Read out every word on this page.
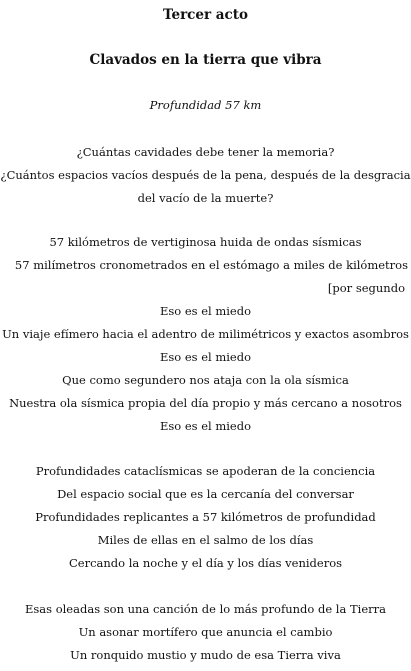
Tercer acto
Clavados en la tierra que vibra
Profundidad 57 km
¿Cuántas cavidades debe tener la memoria?
¿Cuántos espacios vacíos después de la pena, después de la desgracia
del vacío de la muerte?
57 kilómetros de vertiginosa huida de ondas sísmicas
57 milímetros cronometrados en el estómago a miles de kilómetros
[por segundo
Eso es el miedo
Un viaje efímero hacia el adentro de milimétricos y exactos asombros
Eso es el miedo
Que como segundero nos ataja con la ola sísmica
Nuestra ola sísmica propia del día propio y más cercano a nosotros
Eso es el miedo
Profundidades cataclísmicas se apoderan de la conciencia
Del espacio social que es la cercanía del conversar
Profundidades replicantes a 57 kilómetros de profundidad
Miles de ellas en el salmo de los días
Cercando la noche y el día y los días venideros
Esas oleadas son una canción de lo más profundo de la Tierra
Un asonar mortífero que anuncia el cambio
Un ronquido mustio y mudo de esa Tierra viva
